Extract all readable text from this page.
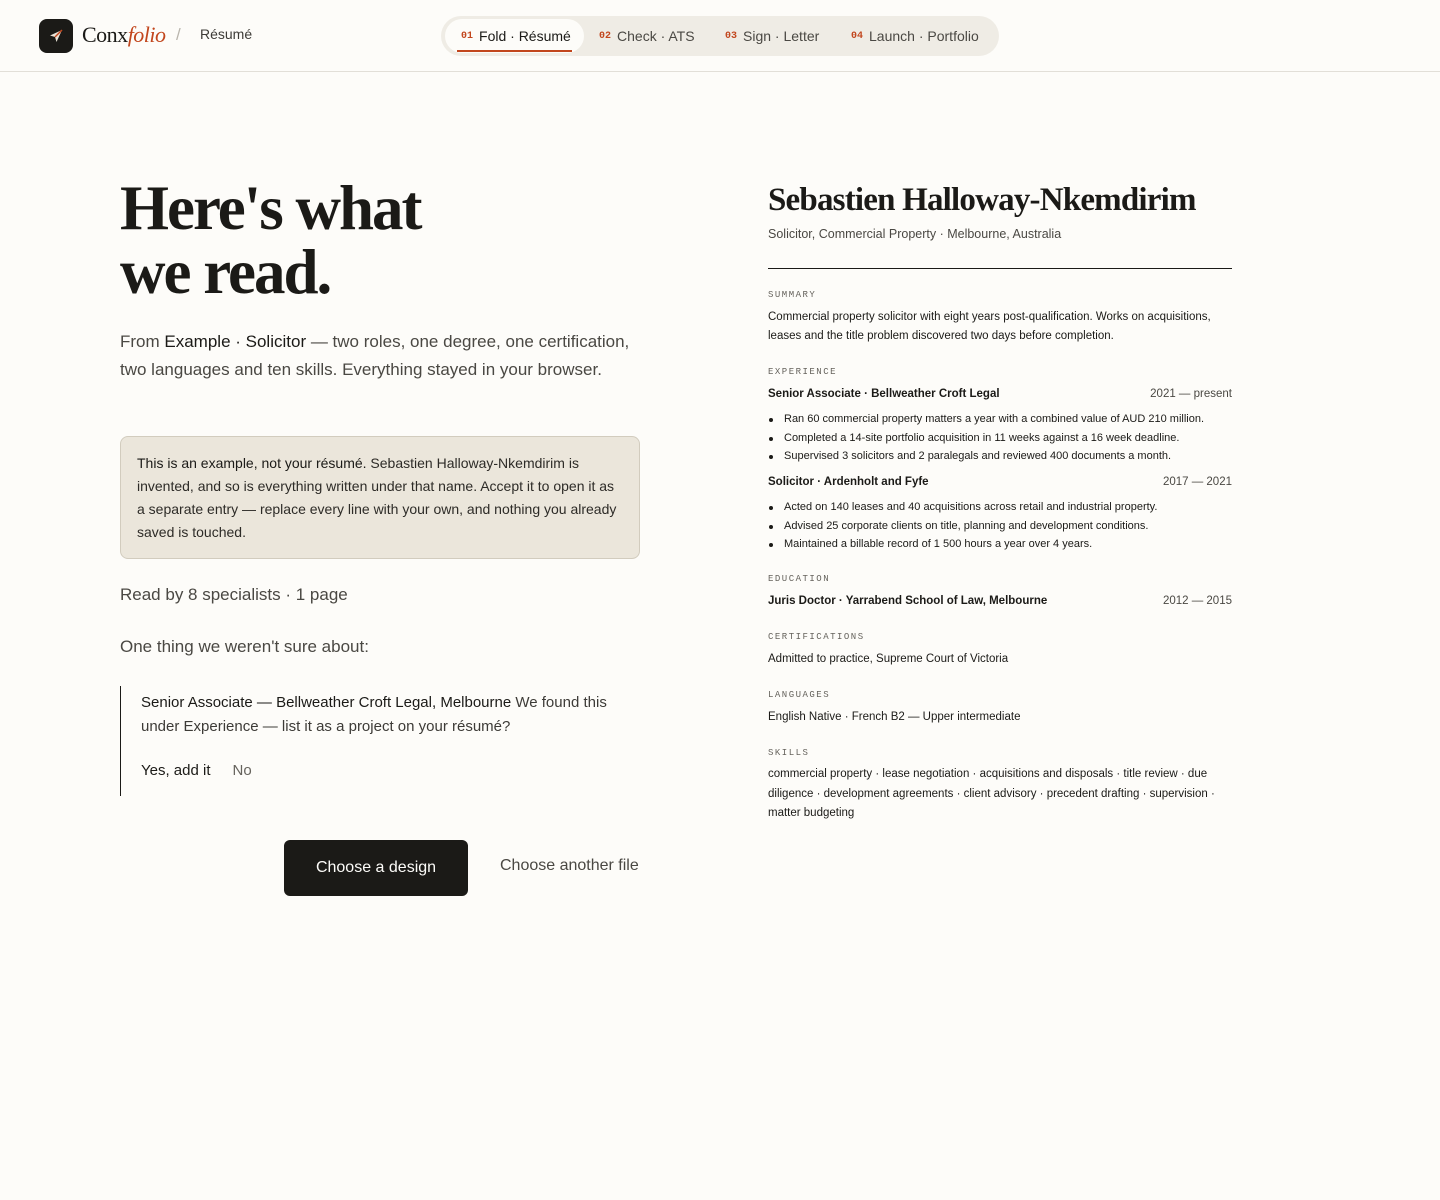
Conxfolio / Résumé	01 Fold · Résumé	02 Check · ATS	03 Sign · Letter	04 Launch · Portfolio
Here's what
we read.

From Example · Solicitor — two roles, one degree, one certification, two languages and ten skills. Everything stayed in your browser.

This is an example, not your résumé. Sebastien Halloway-Nkemdirim is invented, and so is everything written under that name. Accept it to open it as a separate entry — replace every line with your own, and nothing you already saved is touched.

Read by 8 specialists · 1 page

One thing we weren't sure about:

Senior Associate — Bellweather Croft Legal, Melbourne We found this under Experience — list it as a project on your résumé?
Yes, add it No
Choose a design	Choose another file
Sebastien Halloway-Nkemdirim

Solicitor, Commercial Property · Melbourne, Australia

SUMMARY

Commercial property solicitor with eight years post-qualification. Works on acquisitions, leases and the title problem discovered two days before completion.

EXPERIENCE

Senior Associate · Bellweather Croft Legal	2021 — present
Ran 60 commercial property matters a year with a combined value of AUD 210 million.
Completed a 14-site portfolio acquisition in 11 weeks against a 16 week deadline.
Supervised 3 solicitors and 2 paralegals and reviewed 400 documents a month.
Solicitor · Ardenholt and Fyfe	2017 — 2021
Acted on 140 leases and 40 acquisitions across retail and industrial property.
Advised 25 corporate clients on title, planning and development conditions.
Maintained a billable record of 1 500 hours a year over 4 years.

EDUCATION

Juris Doctor · Yarrabend School of Law, Melbourne	2012 — 2015

CERTIFICATIONS

Admitted to practice, Supreme Court of Victoria

LANGUAGES

English Native · French B2 — Upper intermediate

SKILLS

commercial property · lease negotiation · acquisitions and disposals · title review · due diligence · development agreements · client advisory · precedent drafting · supervision · matter budgeting
